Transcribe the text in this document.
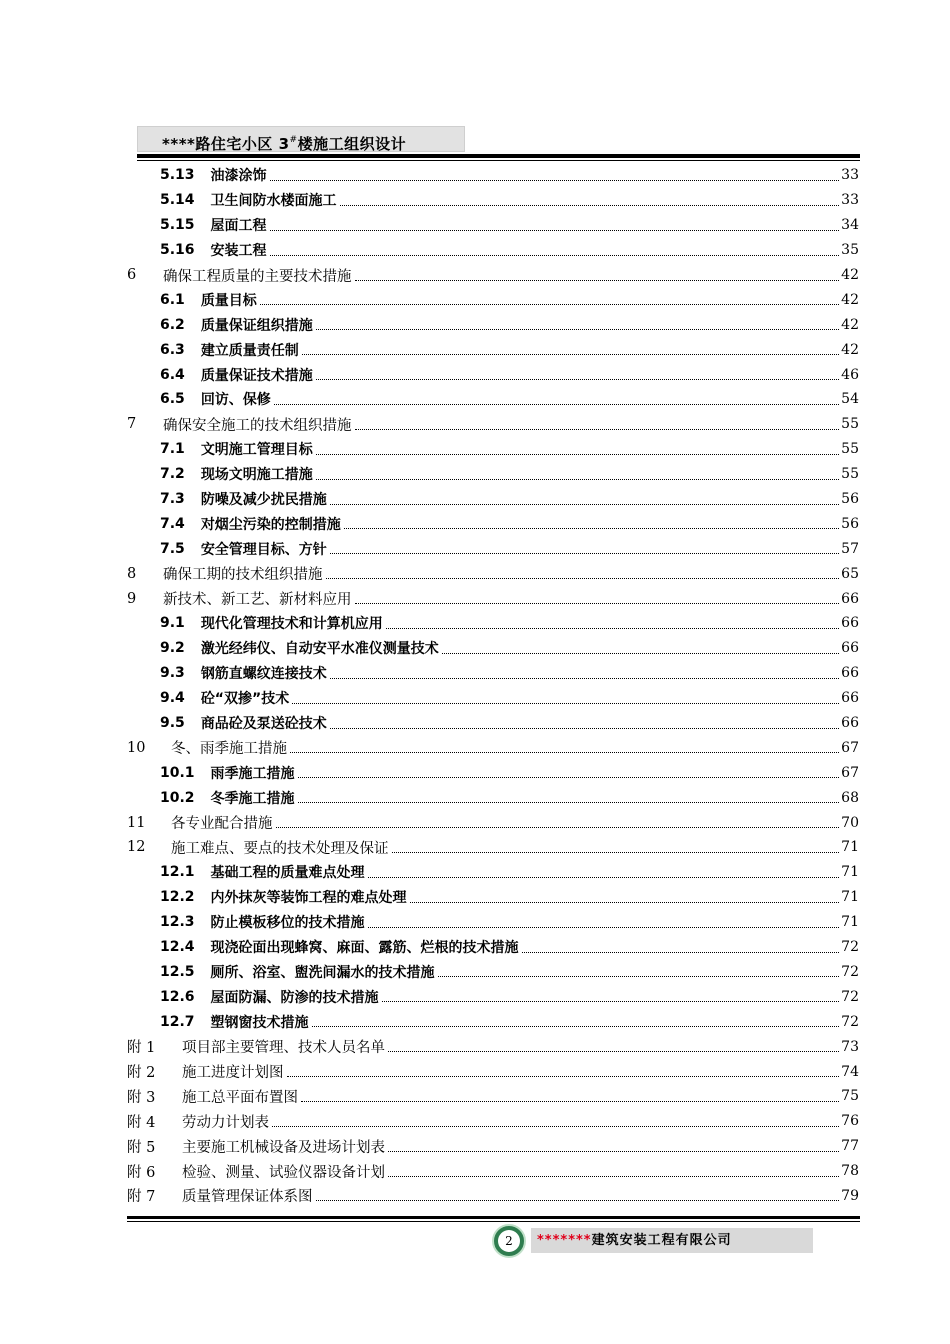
****路住宅小区 3#楼施工组织设计
5.13 油漆涂饰	33
5.14 卫生间防水楼面施工	33
5.15 屋面工程	34
5.16 安装工程	35
6	确保工程质量的主要技术措施	42
6.1 质量目标	42
6.2 质量保证组织措施	42
6.3 建立质量责任制	42
6.4 质量保证技术措施	46
6.5 回访、保修	54
7	确保安全施工的技术组织措施	55
7.1 文明施工管理目标	55
7.2 现场文明施工措施	55
7.3 防噪及减少扰民措施	56
7.4 对烟尘污染的控制措施	56
7.5 安全管理目标、方针	57
8	确保工期的技术组织措施	65
9	新技术、新工艺、新材料应用	66
9.1 现代化管理技术和计算机应用	66
9.2 激光经纬仪、自动安平水准仪测量技术	66
9.3 钢筋直螺纹连接技术	66
9.4 砼“双掺”技术	66
9.5 商品砼及泵送砼技术	66
10	冬、雨季施工措施	67
10.1 雨季施工措施	67
10.2 冬季施工措施	68
11	各专业配合措施	70
12	施工难点、要点的技术处理及保证	71
12.1 基础工程的质量难点处理	71
12.2 内外抹灰等装饰工程的难点处理	71
12.3 防止模板移位的技术措施	71
12.4 现浇砼面出现蜂窝、麻面、露筋、烂根的技术措施	72
12.5 厕所、浴室、盥洗间漏水的技术措施	72
12.6 屋面防漏、防渗的技术措施	72
12.7 塑钢窗技术措施	72
附 1	项目部主要管理、技术人员名单	73
附 2	施工进度计划图	74
附 3	施工总平面布置图	75
附 4	劳动力计划表	76
附 5	主要施工机械设备及进场计划表	77
附 6	检验、测量、试验仪器设备计划	78
附 7	质量管理保证体系图	79
2	*******建筑安装工程有限公司
